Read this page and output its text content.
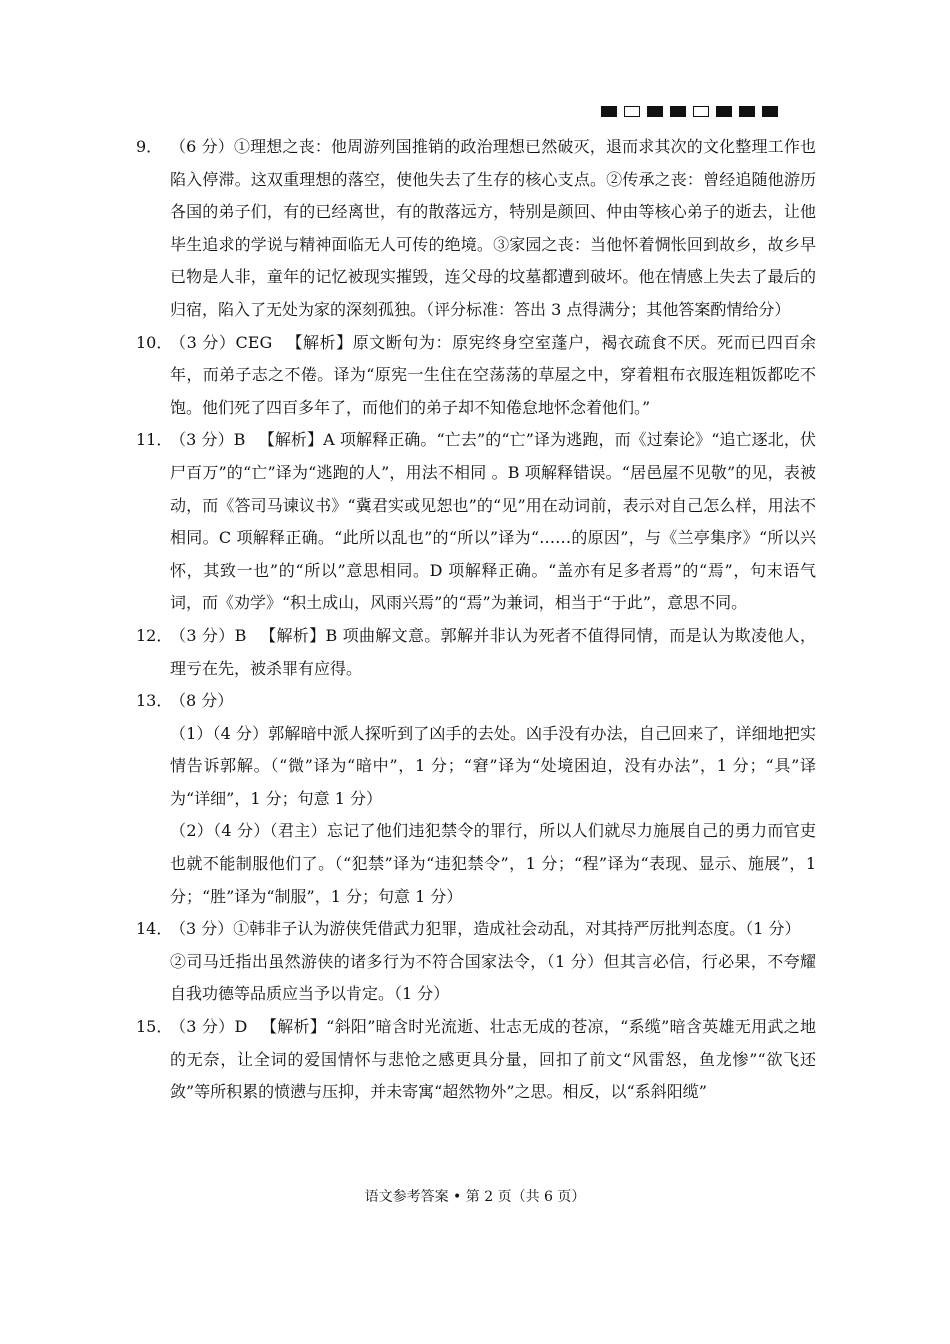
9． （6 分）①理想之丧：他周游列国推销的政治理想已然破灭，退而求其次的文化整理工作也陷入停滞。这双重理想的落空，使他失去了生存的核心支点。②传承之丧：曾经追随他游历各国的弟子们，有的已经离世，有的散落远方，特别是颜回、仲由等核心弟子的逝去，让他毕生追求的学说与精神面临无人可传的绝境。③家园之丧：当他怀着惆怅回到故乡，故乡早已物是人非，童年的记忆被现实摧毁，连父母的坟墓都遭到破坏。他在情感上失去了最后的归宿，陷入了无处为家的深刻孤独。（评分标准：答出 3 点得满分；其他答案酌情给分）
10．
（3 分）CEG 　【解析】原文断句为：原宪终身空室蓬户，褐衣疏食不厌。死而已四百余年，而弟子志之不倦。译为“原宪一生住在空荡荡的草屋之中，穿着粗布衣服连粗饭都吃不饱。他们死了四百多年了，而他们的弟子却不知倦怠地怀念着他们。”
11．
（3 分）B 　【解析】A 项解释正确。“亡去”的“亡”译为逃跑，而《过秦论》“追亡逐北，伏尸百万”的“亡”译为“逃跑的人”，用法不相同 。B 项解释错误。“居邑屋不见敬”的见，表被动，而《答司马谏议书》“冀君实或见恕也”的“见”用在动词前，表示对自己怎么样，用法不相同。C 项解释正确。“此所以乱也”的“所以”译为“……的原因”，与《兰亭集序》“所以兴怀，其致一也”的“所以”意思相同。D 项解释正确。“盖亦有足多者焉”的“焉”，句末语气词，而《劝学》“积土成山，风雨兴焉”的“焉”为兼词，相当于“于此”，意思不同。
12．
（3 分）B 　【解析】B 项曲解文意。郭解并非认为死者不值得同情，而是认为欺凌他人，理亏在先，被杀罪有应得。
13．
（8 分）
（1）（4 分）郭解暗中派人探听到了凶手的去处。凶手没有办法，自己回来了，详细地把实情告诉郭解。（“微”译为“暗中”，1 分；“窘”译为“处境困迫，没有办法”，1 分；“具”译为“详细”，1 分；句意 1 分）
（2）（4 分）（君主）忘记了他们违犯禁令的罪行，所以人们就尽力施展自己的勇力而官吏也就不能制服他们了。（“犯禁”译为“违犯禁令”，1 分；“程”译为“表现、显示、施展”，1 分；“胜”译为“制服”，1 分；句意 1 分）
14．
（3 分）①韩非子认为游侠凭借武力犯罪，造成社会动乱，对其持严厉批判态度。（1 分）
②司马迁指出虽然游侠的诸多行为不符合国家法令，（1 分）但其言必信，行必果，不夸耀自我功德等品质应当予以肯定。（1 分）
15．
（3 分）D 　【解析】“斜阳”暗含时光流逝、壮志无成的苍凉，“系缆”暗含英雄无用武之地的无奈，让全词的爱国情怀与悲怆之感更具分量，回扣了前文“风雷怒，鱼龙惨”“欲飞还敛”等所积累的愤懑与压抑，并未寄寓“超然物外”之思。相反，以“系斜阳缆”
语文参考答案 • 第 2 页（共 6 页）
